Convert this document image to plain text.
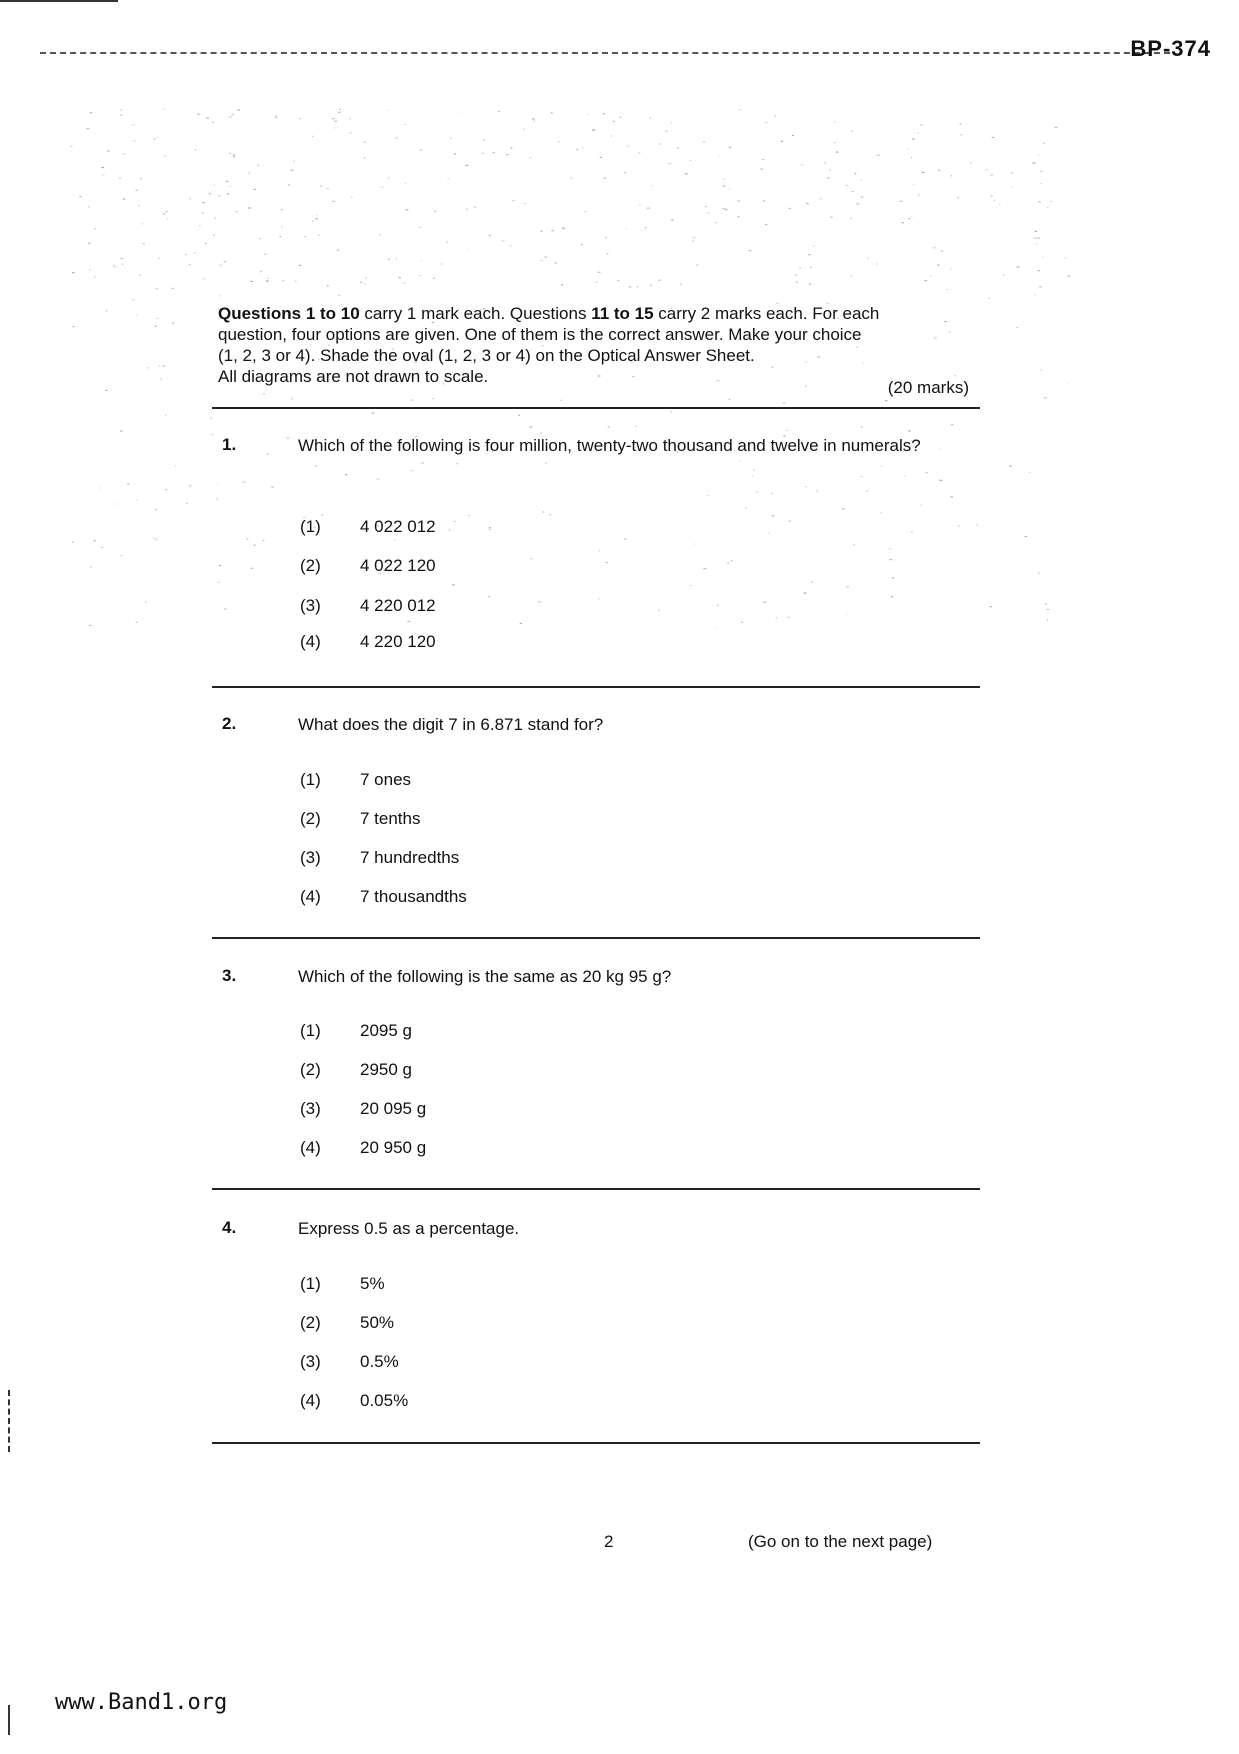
BP-374
Questions 1 to 10 carry 1 mark each. Questions 11 to 15 carry 2 marks each. For each
question, four options are given. One of them is the correct answer. Make your choice
(1, 2, 3 or 4). Shade the oval (1, 2, 3 or 4) on the Optical Answer Sheet.
All diagrams are not drawn to scale.
(20 marks)
1.	Which of the following is four million, twenty-two thousand and twelve in numerals?
(1) 4 022 012
(2) 4 022 120
(3) 4 220 012
(4) 4 220 120
2.	What does the digit 7 in 6.871 stand for?
(1) 7 ones
(2) 7 tenths
(3) 7 hundredths
(4) 7 thousandths
3.	Which of the following is the same as 20 kg 95 g?
(1) 2095 g
(2) 2950 g
(3) 20 095 g
(4) 20 950 g
4.	Express 0.5 as a percentage.
(1) 5%
(2) 50%
(3) 0.5%
(4) 0.05%
2	(Go on to the next page)
www.Band1.org
